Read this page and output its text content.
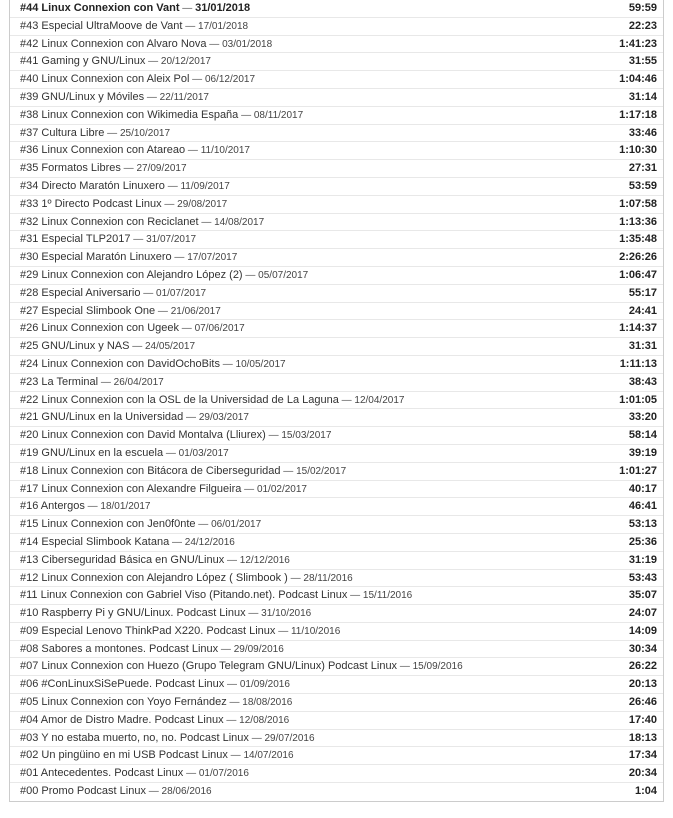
#44 Linux Connexion con Vant — 31/01/2018	59:59
#43 Especial UltraMoove de Vant — 17/01/2018	22:23
#42 Linux Connexion con Alvaro Nova — 03/01/2018	1:41:23
#41 Gaming y GNU/Linux — 20/12/2017	31:55
#40 Linux Connexion con Aleix Pol — 06/12/2017	1:04:46
#39 GNU/Linux y Móviles — 22/11/2017	31:14
#38 Linux Connexion con Wikimedia España — 08/11/2017	1:17:18
#37 Cultura Libre — 25/10/2017	33:46
#36 Linux Connexion con Atareao — 11/10/2017	1:10:30
#35 Formatos Libres — 27/09/2017	27:31
#34 Directo Maratón Linuxero — 11/09/2017	53:59
#33 1º Directo Podcast Linux — 29/08/2017	1:07:58
#32 Linux Connexion con Reciclanet — 14/08/2017	1:13:36
#31 Especial TLP2017 — 31/07/2017	1:35:48
#30 Especial Maratón Linuxero — 17/07/2017	2:26:26
#29 Linux Connexion con Alejandro López (2) — 05/07/2017	1:06:47
#28 Especial Aniversario — 01/07/2017	55:17
#27 Especial Slimbook One — 21/06/2017	24:41
#26 Linux Connexion con Ugeek — 07/06/2017	1:14:37
#25 GNU/Linux y NAS — 24/05/2017	31:31
#24 Linux Connexion con DavidOchoBits — 10/05/2017	1:11:13
#23 La Terminal — 26/04/2017	38:43
#22 Linux Connexion con la OSL de la Universidad de La Laguna — 12/04/2017	1:01:05
#21 GNU/Linux en la Universidad — 29/03/2017	33:20
#20 Linux Connexion con David Montalva (Lliurex) — 15/03/2017	58:14
#19 GNU/Linux en la escuela — 01/03/2017	39:19
#18 Linux Connexion con Bitácora de Ciberseguridad — 15/02/2017	1:01:27
#17 Linux Connexion con Alexandre Filgueira — 01/02/2017	40:17
#16 Antergos — 18/01/2017	46:41
#15 Linux Connexion con Jen0f0nte — 06/01/2017	53:13
#14 Especial Slimbook Katana — 24/12/2016	25:36
#13 Ciberseguridad Básica en GNU/Linux — 12/12/2016	31:19
#12 Linux Connexion con Alejandro López ( Slimbook ) — 28/11/2016	53:43
#11 Linux Connexion con Gabriel Viso (Pitando.net). Podcast Linux — 15/11/2016	35:07
#10 Raspberry Pi y GNU/Linux. Podcast Linux — 31/10/2016	24:07
#09 Especial Lenovo ThinkPad X220. Podcast Linux — 11/10/2016	14:09
#08 Sabores a montones. Podcast Linux — 29/09/2016	30:34
#07 Linux Connexion con Huezo (Grupo Telegram GNU/Linux) Podcast Linux — 15/09/2016	26:22
#06 #ConLinuxSiSePuede. Podcast Linux — 01/09/2016	20:13
#05 Linux Connexion con Yoyo Fernández — 18/08/2016	26:46
#04 Amor de Distro Madre. Podcast Linux — 12/08/2016	17:40
#03 Y no estaba muerto, no, no. Podcast Linux — 29/07/2016	18:13
#02 Un pingüino en mi USB Podcast Linux — 14/07/2016	17:34
#01 Antecedentes. Podcast Linux — 01/07/2016	20:34
#00 Promo Podcast Linux — 28/06/2016	1:04
